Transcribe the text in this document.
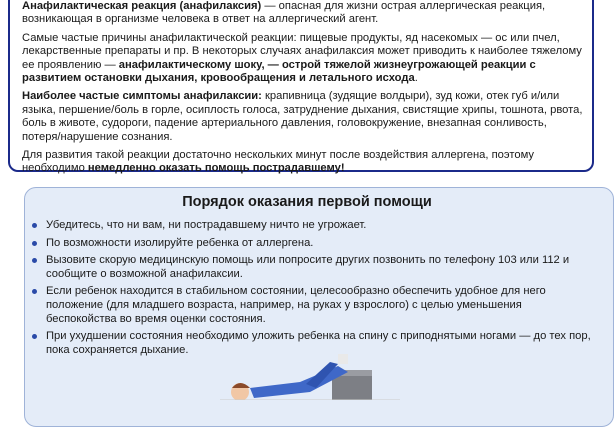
Анафилактическая реакция (анафилаксия) — опасная для жизни острая аллергическая реакция, возникающая в организме человека в ответ на аллергический агент.

Самые частые причины анафилактической реакции: пищевые продукты, яд насекомых — ос или пчел, лекарственные препараты и пр. В некоторых случаях анафилаксия может приводить к наиболее тяжелому ее проявлению — анафилактическому шоку, — острой тяжелой жизнеугрожающей реакции с развитием остановки дыхания, кровообращения и летального исхода.

Наиболее частые симптомы анафилаксии: крапивница (зудящие волдыри), зуд кожи, отек губ и/или языка, першение/боль в горле, осиплость голоса, затруднение дыхания, свистящие хрипы, тошнота, рвота, боль в животе, судороги, падение артериального давления, головокружение, внезапная сонливость, потеря/нарушение сознания.

Для развития такой реакции достаточно нескольких минут после воздействия аллергена, поэтому необходимо немедленно оказать помощь пострадавшему!

Порядок оказания первой помощи
Убедитесь, что ни вам, ни пострадавшему ничто не угрожает.
По возможности изолируйте ребенка от аллергена.
Вызовите скорую медицинскую помощь или попросите других позвонить по телефону 103 или 112 и сообщите о возможной анафилаксии.
Если ребенок находится в стабильном состоянии, целесообразно обеспечить удобное для него положение (для младшего возраста, например, на руках у взрослого) с целью уменьшения беспокойства во время оценки состояния.
При ухудшении состояния необходимо уложить ребенка на спину с приподнятыми ногами — до тех пор, пока сохраняется дыхание.
